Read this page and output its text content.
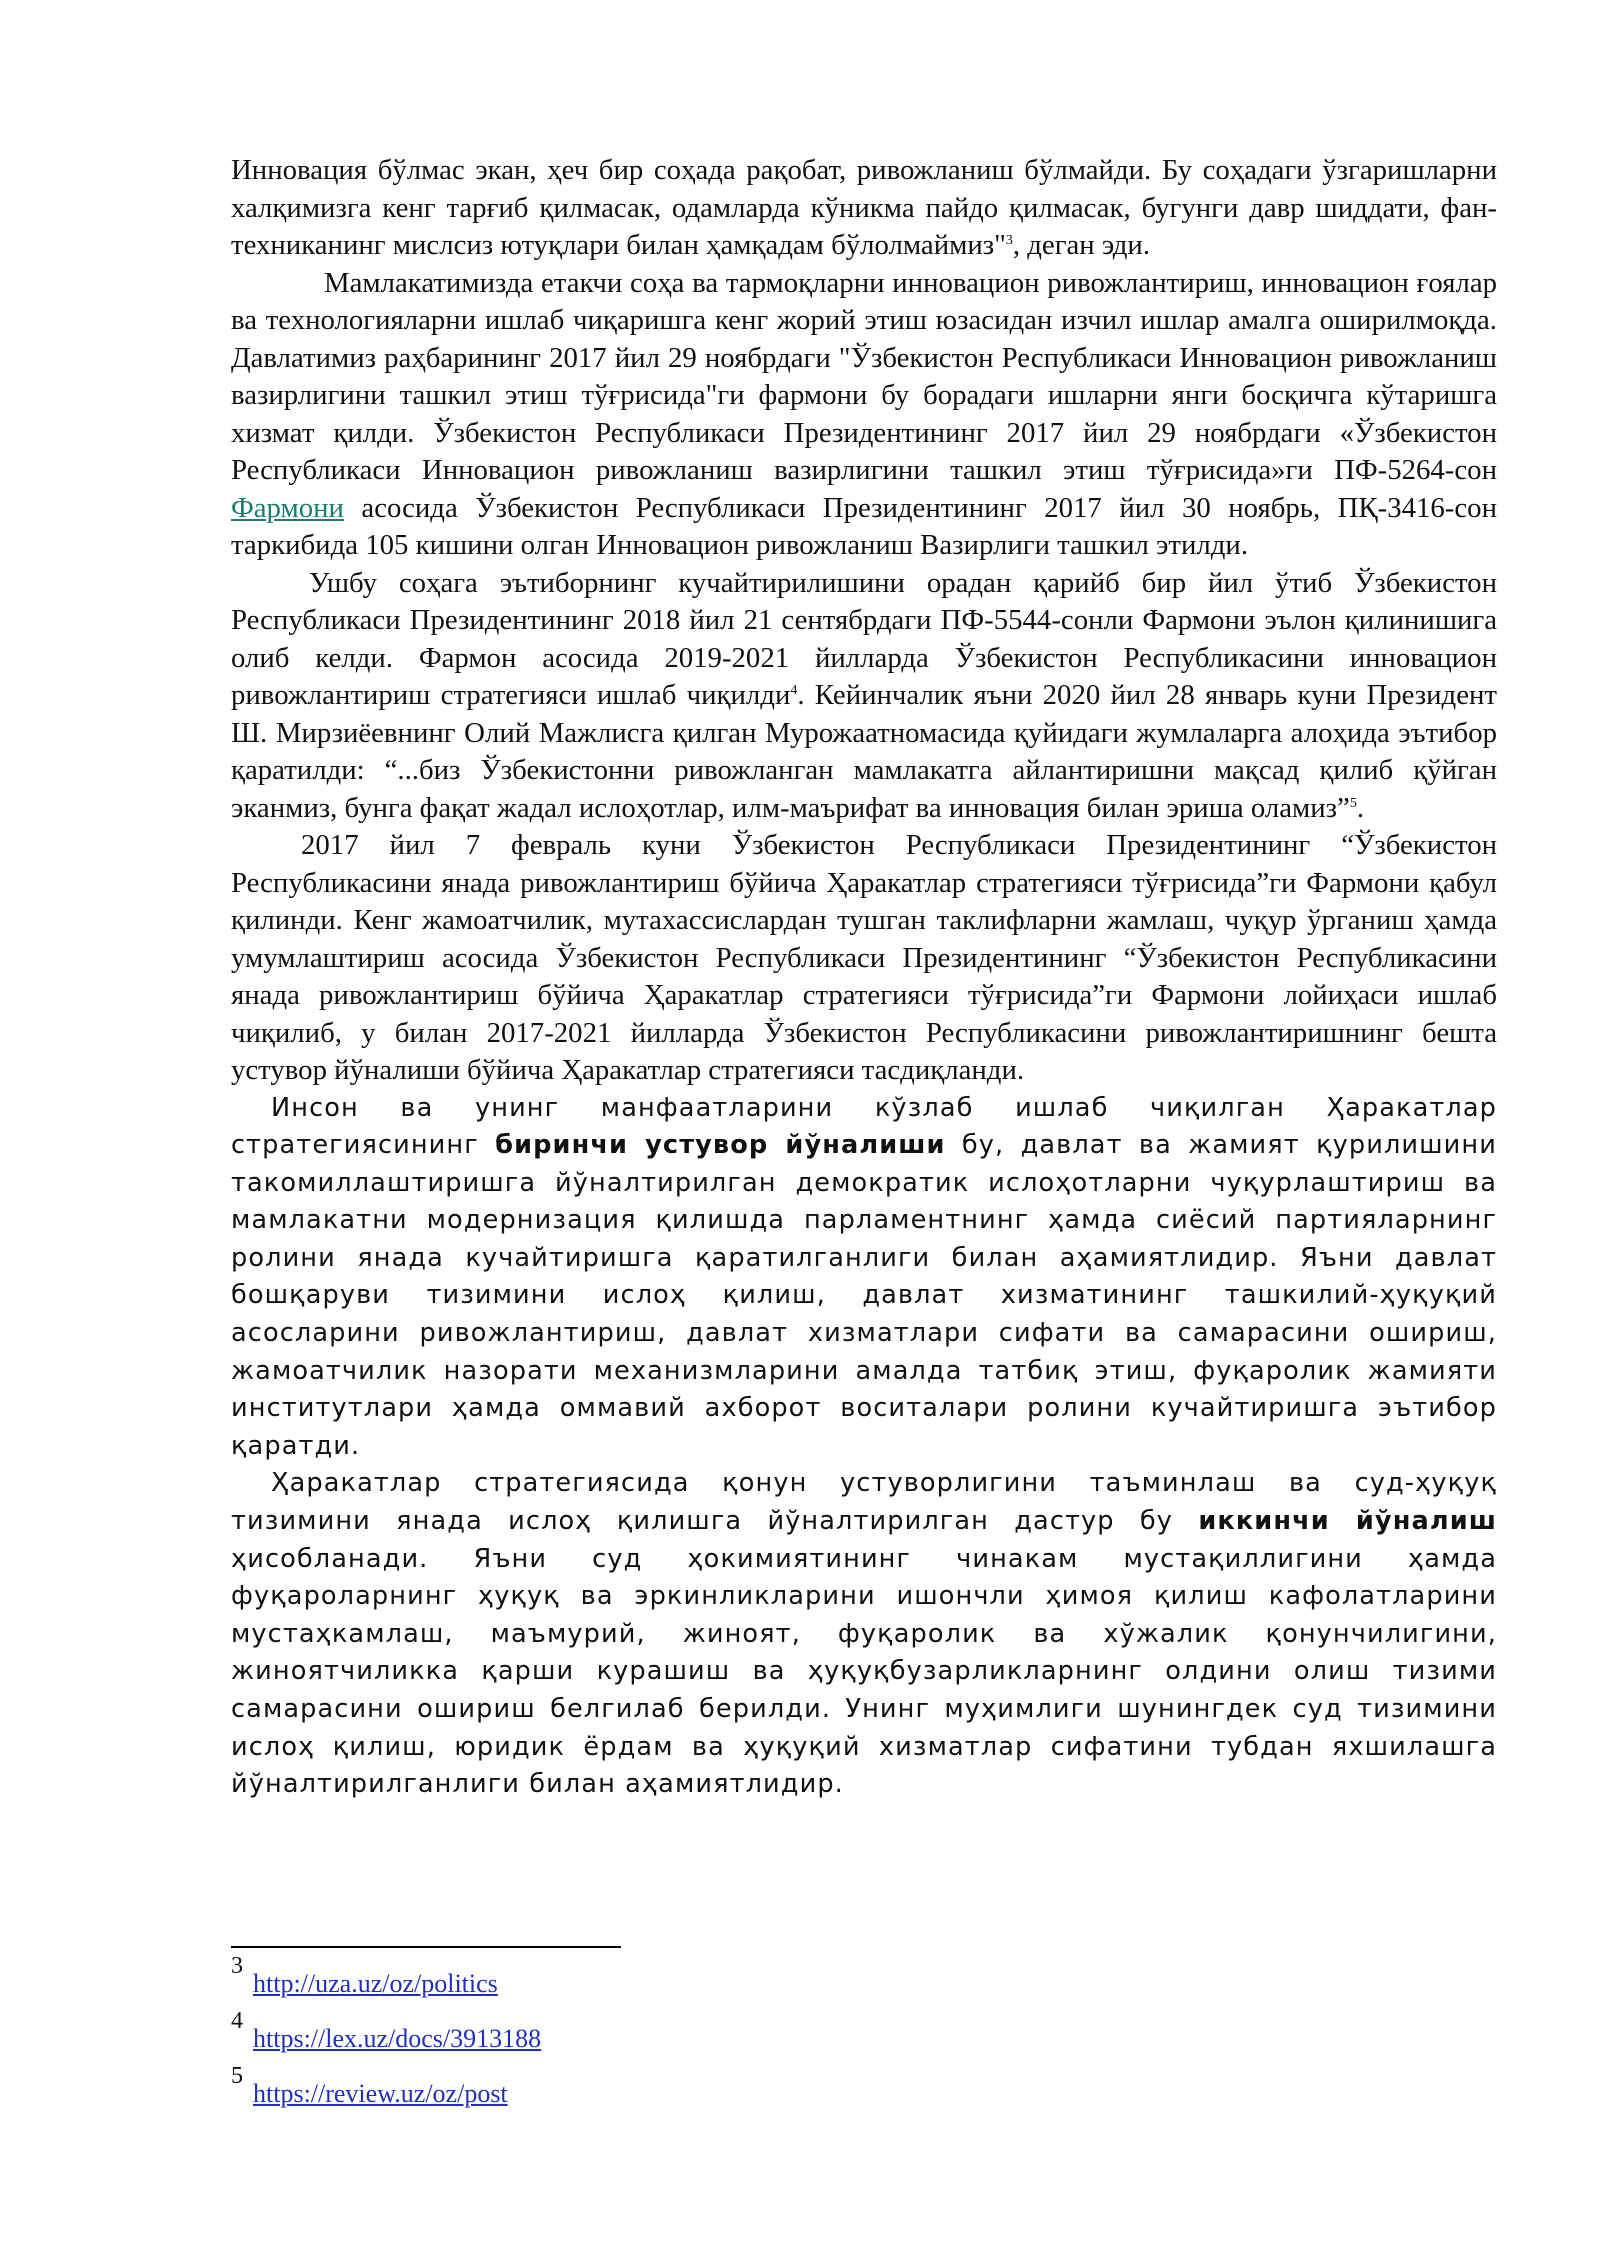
Инновация бўлмас экан, ҳеч бир соҳада рақобат, ривожланиш бўлмайди. Бу соҳадаги ўзгаришларни халқимизга кенг тарғиб қилмасак, одамларда кўникма пайдо қилмасак, бугунги давр шиддати, фан-техниканинг мислсиз ютуқлари билан ҳамқадам бўлолмаймиз"$^3$, деган эди.

Мамлакатимизда етакчи соҳа ва тармоқларни инновацион ривожлантириш, инновацион ғоялар ва технологияларни ишлаб чиқаришга кенг жорий этиш юзасидан изчил ишлар амалга оширилмоқда. Давлатимиз раҳбарининг 2017 йил 29 ноябрдаги "Ўзбекистон Республикаси Инновацион ривожланиш вазирлигини ташкил этиш тўғрисида"ги фармони бу борадаги ишларни янги босқичга кўтаришга хизмат қилди. Ўзбекистон Республикаси Президентининг 2017 йил 29 ноябрдаги «Ўзбекистон Республикаси Инновацион ривожланиш вазирлигини ташкил этиш тўғрисида»ги ПФ-5264-сон Фармони асосида Ўзбекистон Республикаси Президентининг 2017 йил 30 ноябрь, ПҚ-3416-сон таркибида 105 кишини олган Инновацион ривожланиш Вазирлиги ташкил этилди.

Ушбу соҳага эътиборнинг кучайтирилишини орадан қарийб бир йил ўтиб Ўзбекистон Республикаси Президентининг 2018 йил 21 сентябрдаги ПФ-5544-сонли Фармони эълон қилинишига олиб келди. Фармон асосида 2019-2021 йилларда Ўзбекистон Республикасини инновацион ривожлантириш стратегияси ишлаб чиқилди$^4$. Кейинчалик яъни 2020 йил 28 январь куни Президент Ш. Мирзиёевнинг Олий Мажлисга қилган Мурожаатномасида қуйидаги жумлаларга алоҳида эътибор қаратилди: “...биз Ўзбекистонни ривожланган мамлакатга айлантиришни мақсад қилиб қўйган эканмиз, бунга фақат жадал ислоҳотлар, илм-маърифат ва инновация билан эриша оламиз”$^5$.

2017 йил 7 февраль куни Ўзбекистон Республикаси Президентининг “Ўзбекистон Республикасини янада ривожлантириш бўйича Ҳаракатлар стратегияси тўғрисида”ги Фармони қабул қилинди. Кенг жамоатчилик, мутахассислардан тушган таклифларни жамлаш, чуқур ўрганиш ҳамда умумлаштириш асосида Ўзбекистон Республикаси Президентининг “Ўзбекистон Республикасини янада ривожлантириш бўйича Ҳаракатлар стратегияси тўғрисида”ги Фармони лойиҳаси ишлаб чиқилиб, у билан 2017-2021 йилларда Ўзбекистон Республикасини ривожлантиришнинг бешта устувор йўналиши бўйича Ҳаракатлар стратегияси тасдиқланди.

Инсон ва унинг манфаатларини кўзлаб ишлаб чиқилган Ҳаракатлар стратегиясининг биринчи устувор йўналиши бу, давлат ва жамият қурилишини такомиллаштиришга йўналтирилган демократик ислоҳотларни чуқурлаштириш ва мамлакатни модернизация қилишда парламентнинг ҳамда сиёсий партияларнинг ролини янада кучайтиришга қаратилганлиги билан аҳамиятлидир. Яъни давлат бошқаруви тизимини ислоҳ қилиш, давлат хизматининг ташкилий-ҳуқуқий асосларини ривожлантириш, давлат хизматлари сифати ва самарасини ошириш, жамоатчилик назорати механизмларини амалда татбиқ этиш, фуқаролик жамияти институтлари ҳамда оммавий ахборот воситалари ролини кучайтиришга эътибор қаратди.

Ҳаракатлар стратегиясида қонун устуворлигини таъминлаш ва суд-ҳуқуқ тизимини янада ислоҳ қилишга йўналтирилган дастур бу иккинчи йўналиш ҳисобланади. Яъни суд ҳокимиятининг чинакам мустақиллигини ҳамда фуқароларнинг ҳуқуқ ва эркинликларини ишончли ҳимоя қилиш кафолатларини мустаҳкамлаш, маъмурий, жиноят, фуқаролик ва хўжалик қонунчилигини, жиноятчиликка қарши курашиш ва ҳуқуқбузарликларнинг олдини олиш тизими самарасини ошириш белгилаб берилди. Унинг муҳимлиги шунингдек суд тизимини ислоҳ қилиш, юридик ёрдам ва ҳуқуқий хизматлар сифатини тубдан яхшилашга йўналтирилганлиги билан аҳамиятлидир.

3
http://uza.uz/oz/politics
4
https://lex.uz/docs/3913188
5
https://review.uz/oz/post
